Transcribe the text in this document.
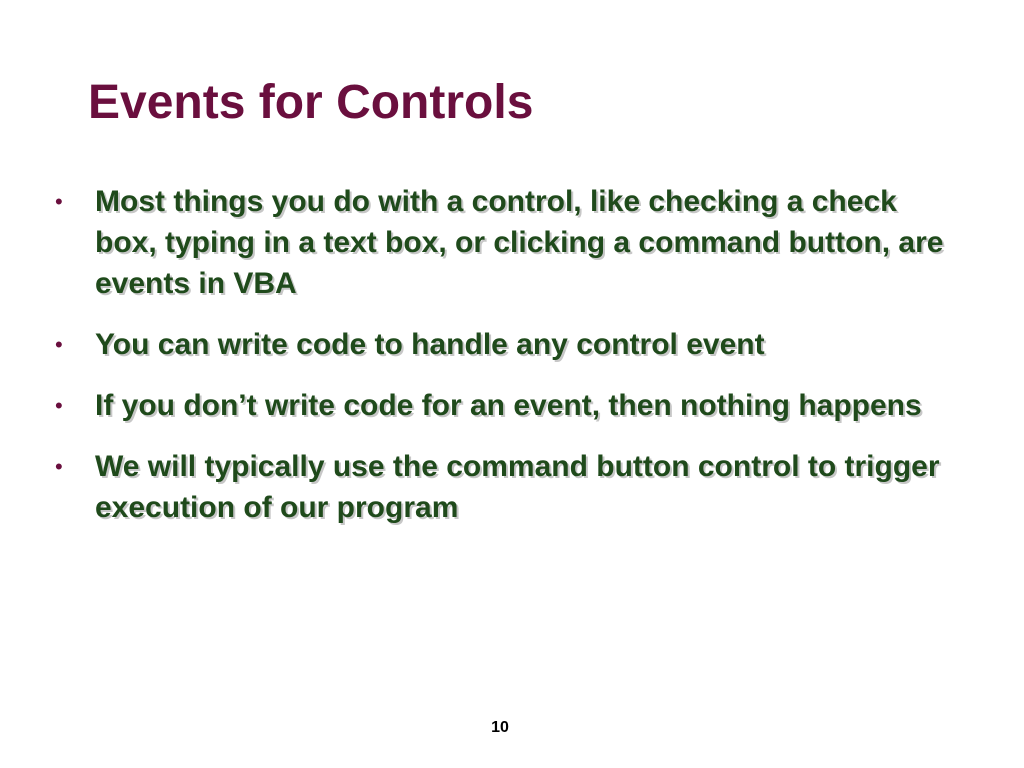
Events for Controls
• Most things you do with a control, like checking a check box, typing in a text box, or clicking a command button, are events in VBA
• You can write code to handle any control event
• If you don’t write code for an event, then nothing happens
• We will typically use the command button control to trigger execution of our program
10
